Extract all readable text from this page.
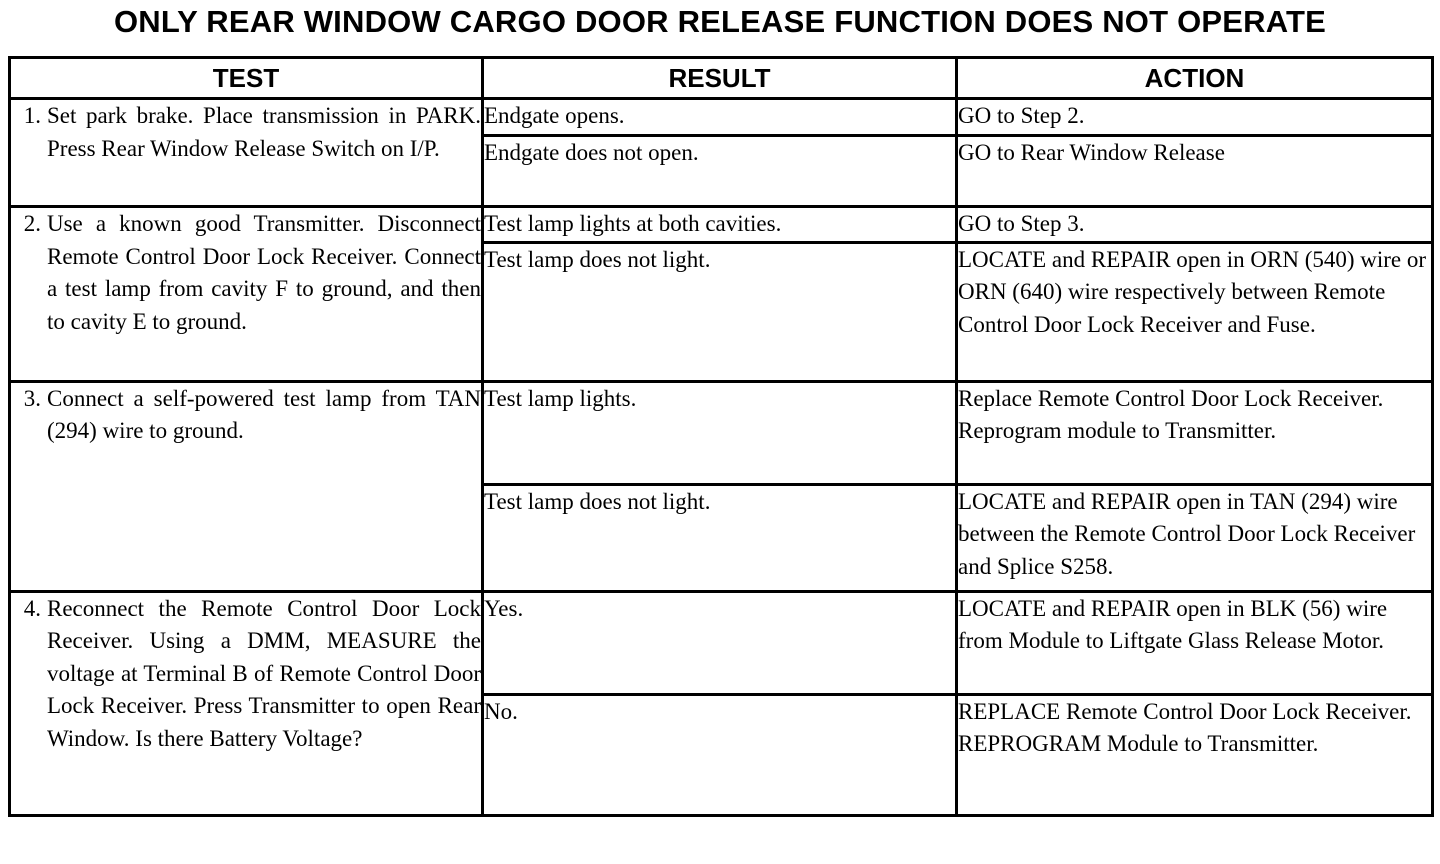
ONLY REAR WINDOW CARGO DOOR RELEASE FUNCTION DOES NOT OPERATE
TEST	RESULT	ACTION

1. Set park brake. Place transmission in PARK. Press Rear Window Release Switch on I/P.	Endgate opens.	GO to Step 2.
	Endgate does not open.	GO to Rear Window Release

2. Use a known good Transmitter. Disconnect Remote Control Door Lock Receiver. Connect a test lamp from cavity F to ground, and then to cavity E to ground.	Test lamp lights at both cavities.	GO to Step 3.
	Test lamp does not light.	LOCATE and REPAIR open in ORN (540) wire or ORN (640) wire respectively between Remote Control Door Lock Receiver and Fuse.

3. Connect a self-powered test lamp from TAN (294) wire to ground.	Test lamp lights.	Replace Remote Control Door Lock Receiver. Reprogram module to Transmitter.
	Test lamp does not light.	LOCATE and REPAIR open in TAN (294) wire between the Remote Control Door Lock Receiver and Splice S258.

4. Reconnect the Remote Control Door Lock Receiver. Using a DMM, MEASURE the voltage at Terminal B of Remote Control Door Lock Receiver. Press Transmitter to open Rear Window. Is there Battery Voltage?	Yes.	LOCATE and REPAIR open in BLK (56) wire from Module to Liftgate Glass Release Motor.
	No.	REPLACE Remote Control Door Lock Receiver. REPROGRAM Module to Transmitter.
